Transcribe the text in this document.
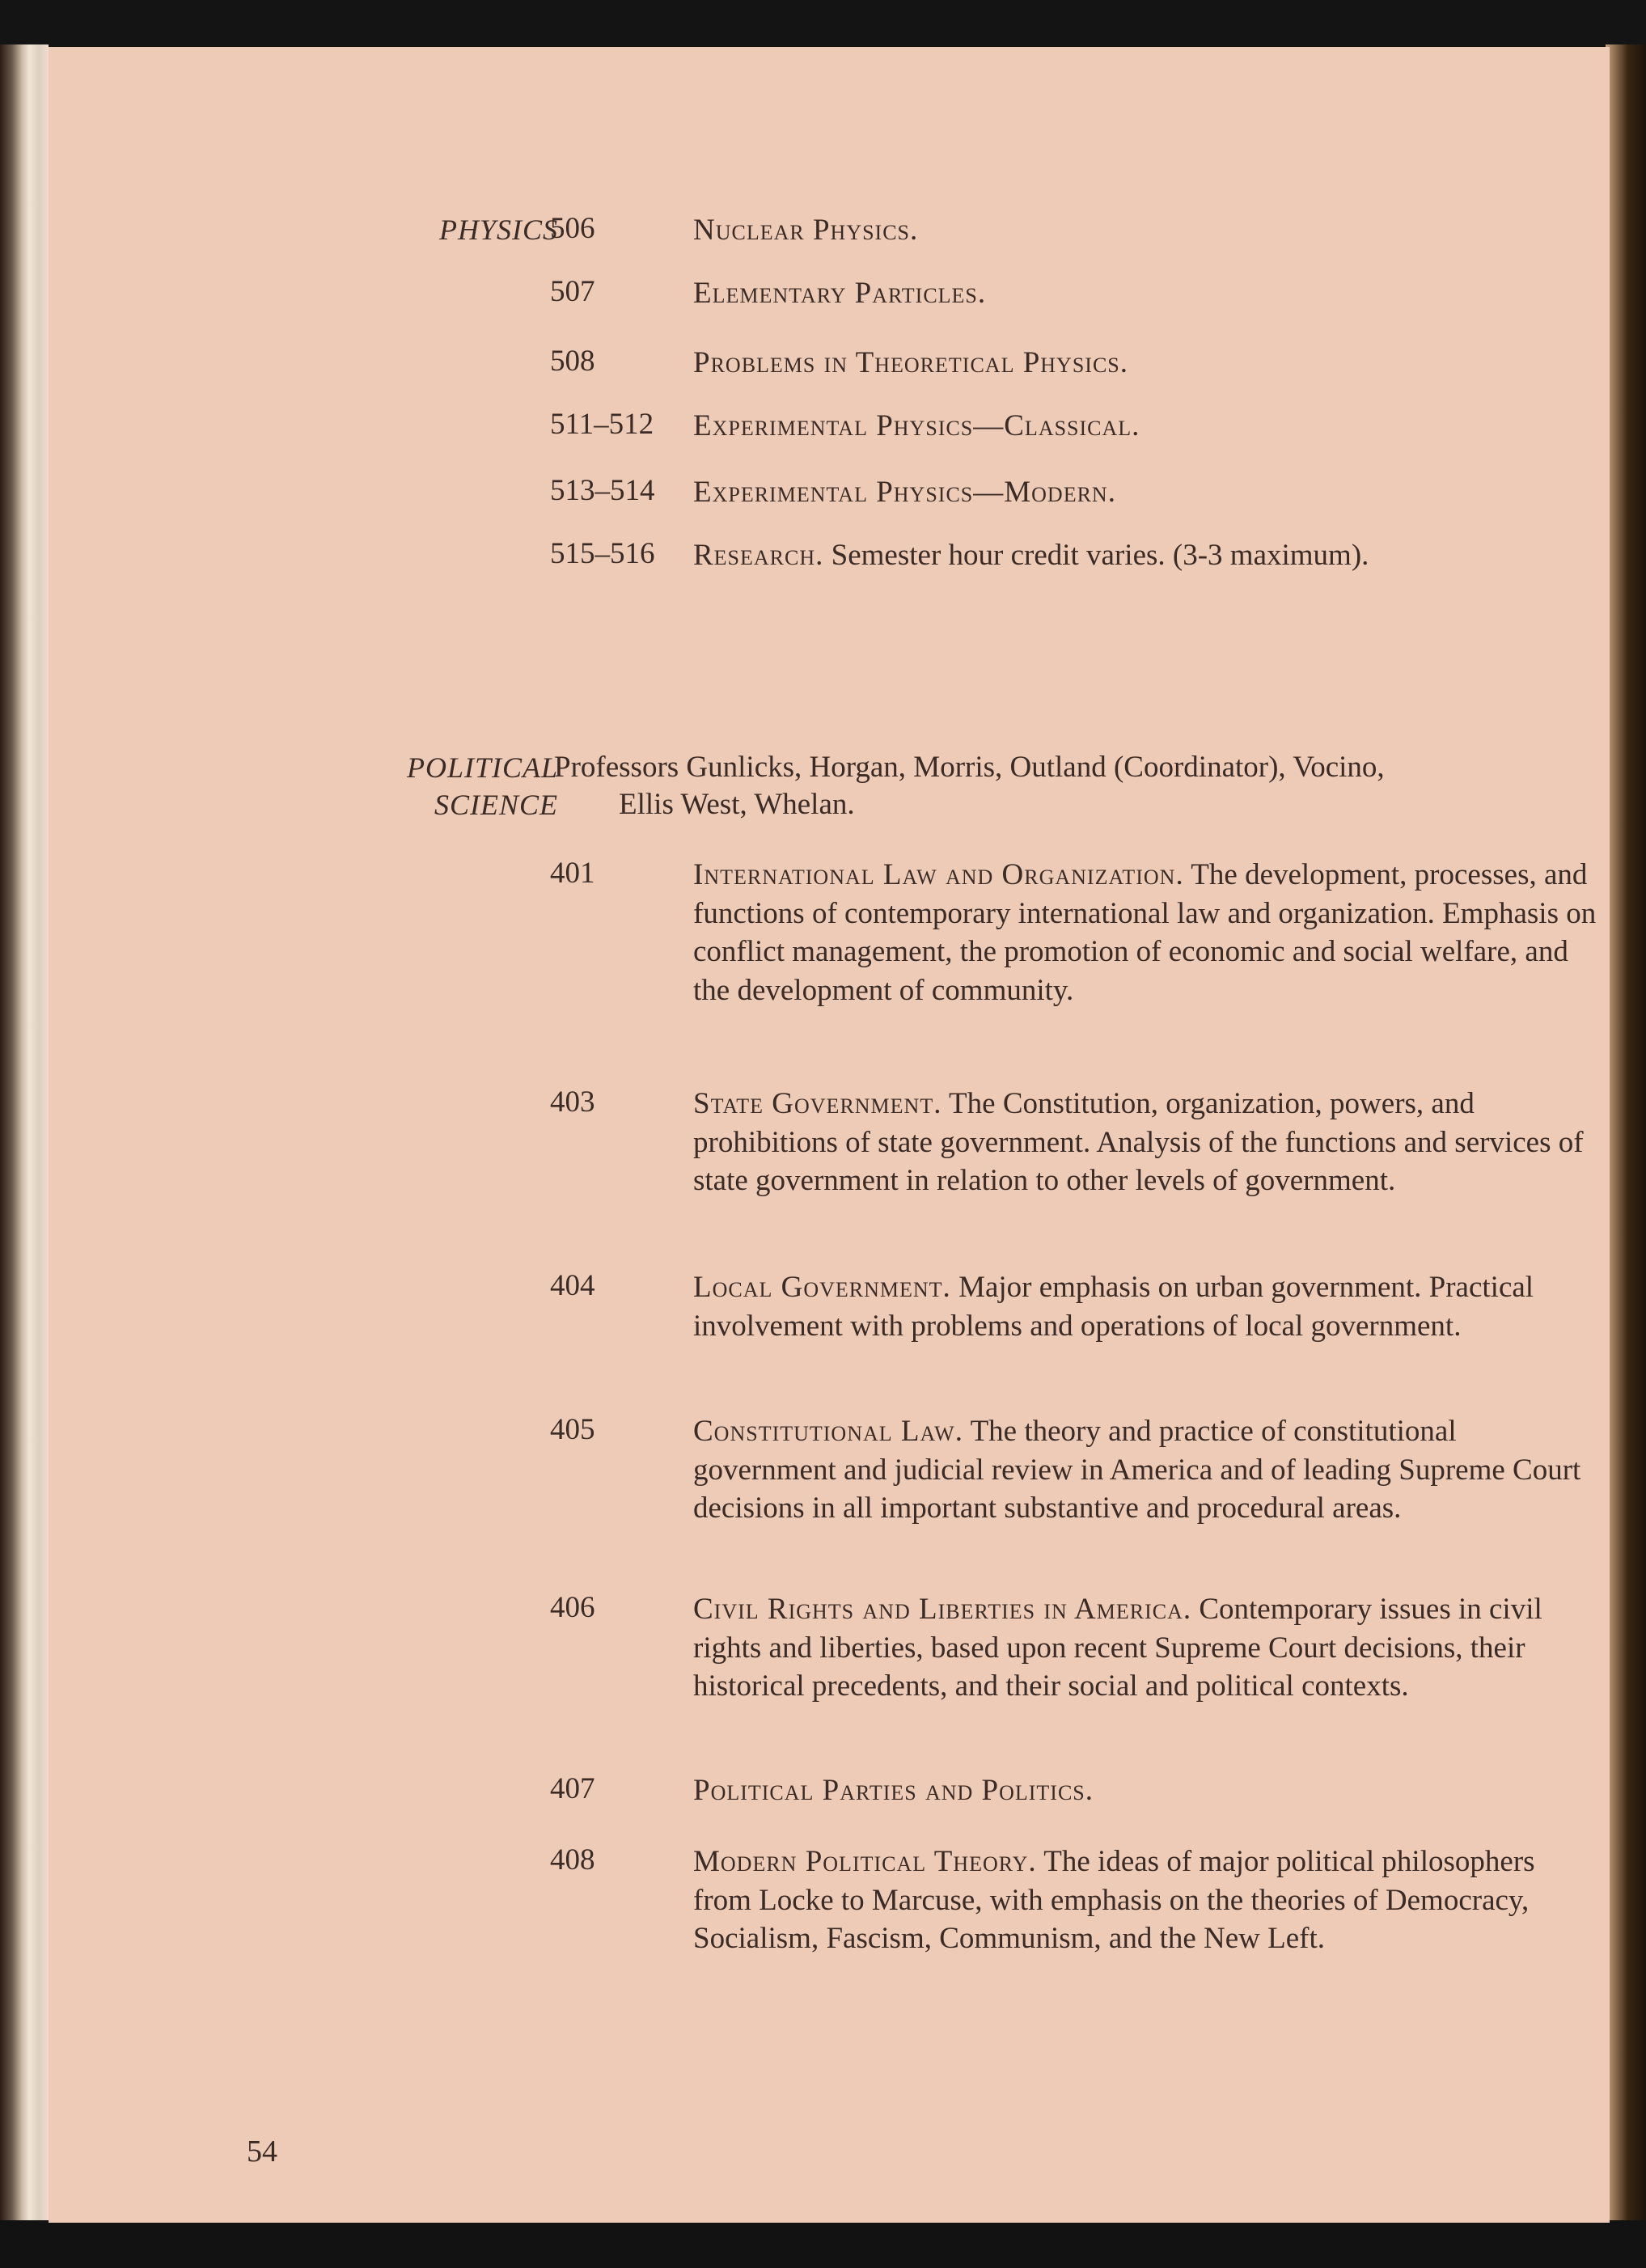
PHYSICS
506	Nuclear Physics.
507	Elementary Particles.
508	Problems in Theoretical Physics.
511–512 Experimental Physics—Classical.
513–514 Experimental Physics—Modern.
515–516 Research. Semester hour credit varies. (3-3 maximum).
POLITICAL
SCIENCE
Professors Gunlicks, Horgan, Morris, Outland (Coordinator), Vocino,
Ellis West, Whelan.
401	International Law and Organization. The development, processes, and functions of contemporary international law and organization. Emphasis on conflict management, the promotion of economic and social welfare, and the development of community.
403	State Government. The Constitution, organization, powers, and prohibitions of state government. Analysis of the functions and services of state government in relation to other levels of government.
404	Local Government. Major emphasis on urban government. Practical involvement with problems and operations of local government.
405	Constitutional Law. The theory and practice of constitutional government and judicial review in America and of leading Supreme Court decisions in all important substantive and procedural areas.
406	Civil Rights and Liberties in America. Contemporary issues in civil rights and liberties, based upon recent Supreme Court decisions, their historical precedents, and their social and political contexts.
407	Political Parties and Politics.
408	Modern Political Theory. The ideas of major political philosophers from Locke to Marcuse, with emphasis on the theories of Democracy, Socialism, Fascism, Communism, and the New Left.
54
